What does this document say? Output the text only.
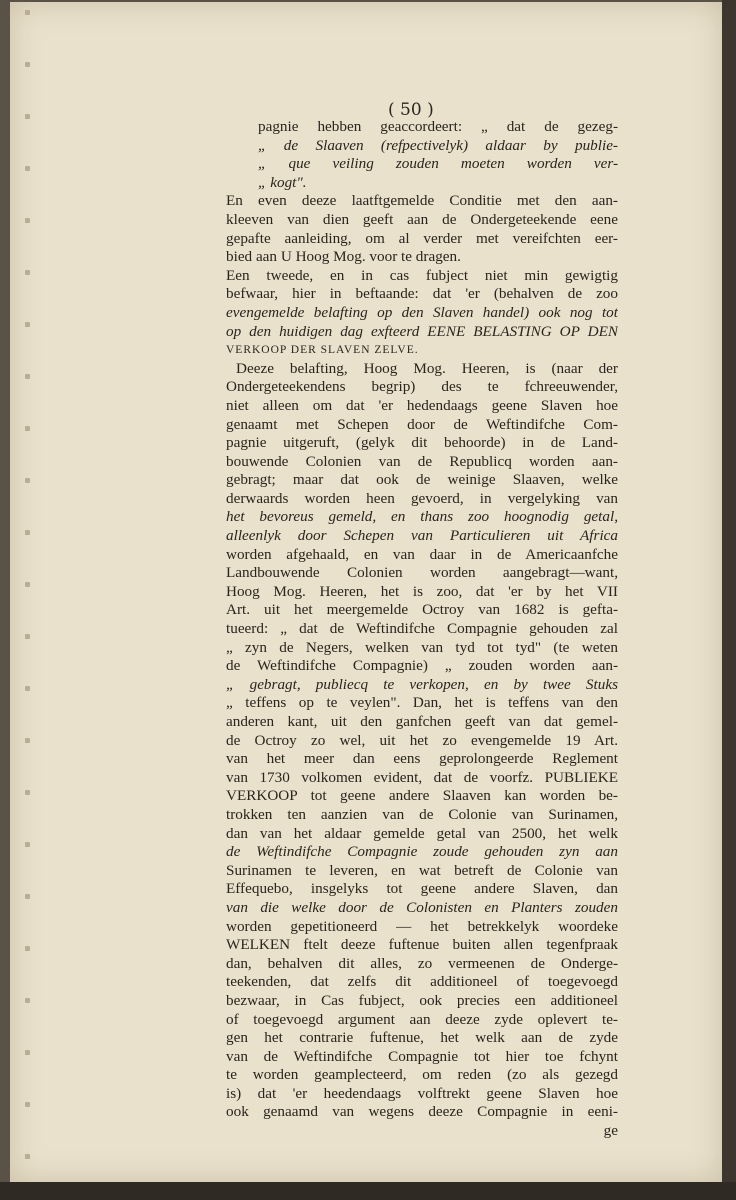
( 50 )
pagnie hebben geaccordeert: „ dat de gezeg-
„ de Slaaven (refpectivelyk) aldaar by publie-
„ que veiling zouden moeten worden ver-
„ kogt".
En even deeze laatftgemelde Conditie met den aan-
kleeven van dien geeft aan de Ondergeteekende eene
gepafte aanleiding, om al verder met vereifchten eer-
bied aan U Hoog Mog. voor te dragen.
Een tweede, en in cas fubject niet min gewigtig
befwaar, hier in beftaande: dat 'er (behalven de zoo
evengemelde belafting op den Slaven handel) ook nog tot
op den huidigen dag exfteerd EENE BELASTING OP DEN
VERKOOP DER SLAVEN ZELVE.
Deeze belafting, Hoog Mog. Heeren, is (naar der
Ondergeteekendens begrip) des te fchreeuwender,
niet alleen om dat 'er hedendaags geene Slaven hoe
genaamt met Schepen door de Weftindifche Com-
pagnie uitgeruft, (gelyk dit behoorde) in de Land-
bouwende Colonien van de Republicq worden aan-
gebragt; maar dat ook de weinige Slaaven, welke
derwaards worden heen gevoerd, in vergelyking van
het bevoreus gemeld, en thans zoo hoognodig getal,
alleenlyk door Schepen van Particulieren uit Africa
worden afgehaald, en van daar in de Americaanfche
Landbouwende Colonien worden aangebragt—want,
Hoog Mog. Heeren, het is zoo, dat 'er by het VII
Art. uit het meergemelde Octroy van 1682 is gefta-
tueerd: „ dat de Weftindifche Compagnie gehouden zal
„ zyn de Negers, welken van tyd tot tyd" (te weten
de Weftindifche Compagnie) „ zouden worden aan-
„ gebragt, publiecq te verkopen, en by twee Stuks
„ teffens op te veylen". Dan, het is teffens van den
anderen kant, uit den ganfchen geeft van dat gemel-
de Octroy zo wel, uit het zo evengemelde 19 Art.
van het meer dan eens geprolongeerde Reglement
van 1730 volkomen evident, dat de voorfz. PUBLIEKE
VERKOOP tot geene andere Slaaven kan worden be-
trokken ten aanzien van de Colonie van Surinamen,
dan van het aldaar gemelde getal van 2500, het welk
de Weftindifche Compagnie zoude gehouden zyn aan
Surinamen te leveren, en wat betreft de Colonie van
Effequebo, insgelyks tot geene andere Slaven, dan
van die welke door de Colonisten en Planters zouden
worden gepetitioneerd — het betrekkelyk woordeke
WELKEN ftelt deeze fuftenue buiten allen tegenfpraak
dan, behalven dit alles, zo vermeenen de Onderge-
teekenden, dat zelfs dit additioneel of toegevoegd
bezwaar, in Cas fubject, ook precies een additioneel
of toegevoegd argument aan deeze zyde oplevert te-
gen het contrarie fuftenue, het welk aan de zyde
van de Weftindifche Compagnie tot hier toe fchynt
te worden geamplecteerd, om reden (zo als gezegd
is) dat 'er heedendaags volftrekt geene Slaven hoe
ook genaamd van wegens deeze Compagnie in eeni-
ge
